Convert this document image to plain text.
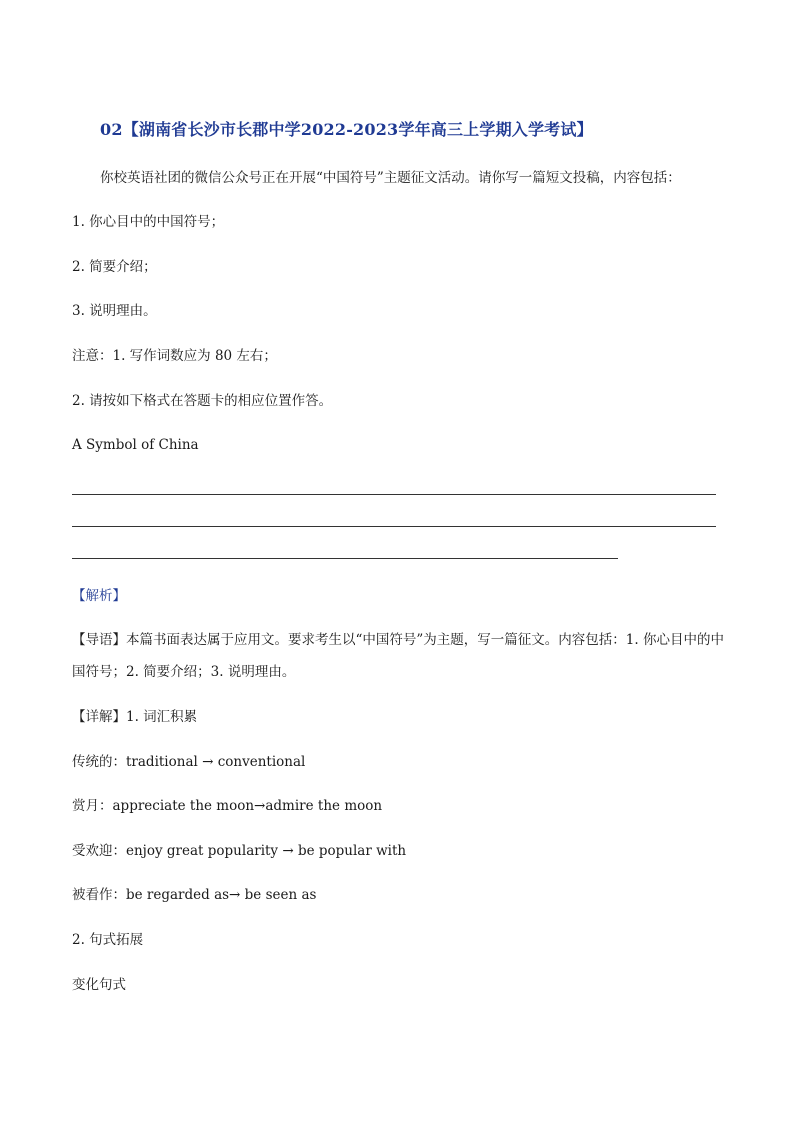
02【湖南省长沙市长郡中学2022-2023学年高三上学期入学考试】
你校英语社团的微信公众号正在开展“中国符号”主题征文活动。请你写一篇短文投稿，内容包括：
1. 你心目中的中国符号；
2. 简要介绍；
3. 说明理由。
注意：1. 写作词数应为 80 左右；
2. 请按如下格式在答题卡的相应位置作答。
A Symbol of China
【解析】
【导语】本篇书面表达属于应用文。要求考生以“中国符号”为主题，写一篇征文。内容包括：1. 你心目中的中国符号；2. 简要介绍；3. 说明理由。
【详解】1. 词汇积累
传统的：traditional → conventional
赏月：appreciate the moon→admire the moon
受欢迎：enjoy great popularity → be popular with
被看作：be regarded as→ be seen as
2. 句式拓展
变化句式
